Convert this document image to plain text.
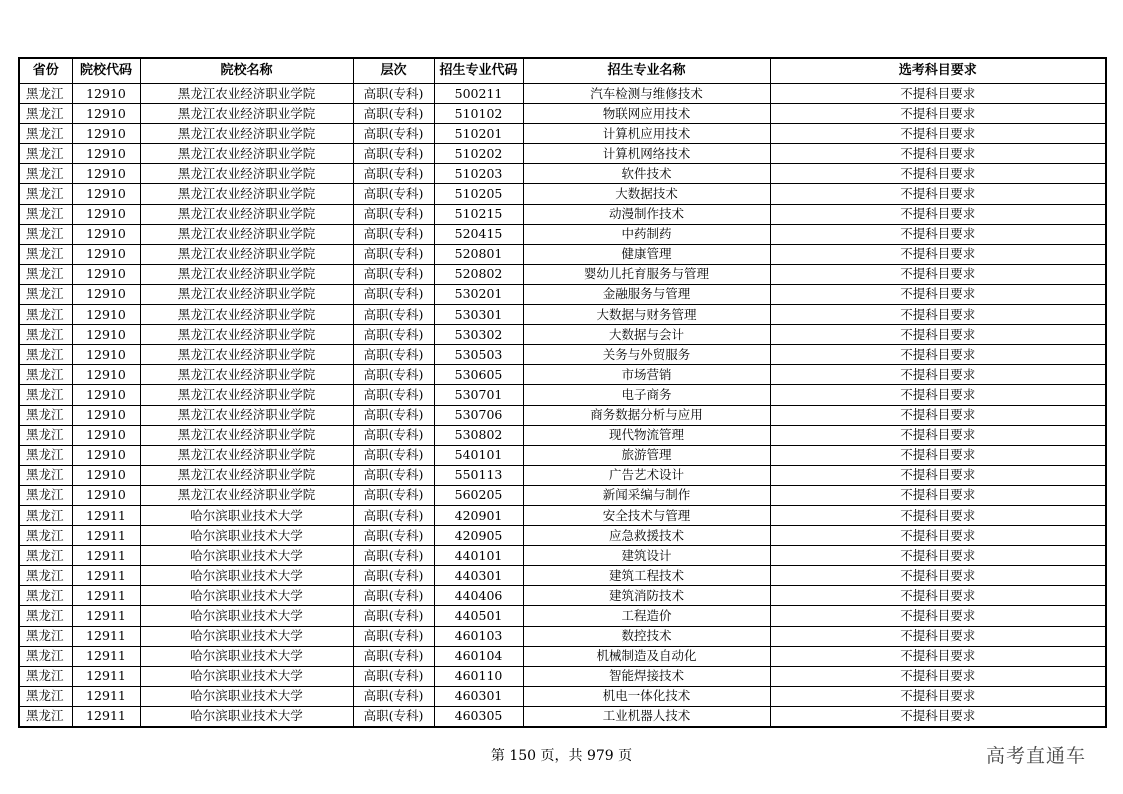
省份	院校代码	院校名称	层次	招生专业代码	招生专业名称	选考科目要求
黑龙江	12910	黑龙江农业经济职业学院	高职(专科)	500211	汽车检测与维修技术	不提科目要求
黑龙江	12910	黑龙江农业经济职业学院	高职(专科)	510102	物联网应用技术	不提科目要求
黑龙江	12910	黑龙江农业经济职业学院	高职(专科)	510201	计算机应用技术	不提科目要求
黑龙江	12910	黑龙江农业经济职业学院	高职(专科)	510202	计算机网络技术	不提科目要求
黑龙江	12910	黑龙江农业经济职业学院	高职(专科)	510203	软件技术	不提科目要求
黑龙江	12910	黑龙江农业经济职业学院	高职(专科)	510205	大数据技术	不提科目要求
黑龙江	12910	黑龙江农业经济职业学院	高职(专科)	510215	动漫制作技术	不提科目要求
黑龙江	12910	黑龙江农业经济职业学院	高职(专科)	520415	中药制药	不提科目要求
黑龙江	12910	黑龙江农业经济职业学院	高职(专科)	520801	健康管理	不提科目要求
黑龙江	12910	黑龙江农业经济职业学院	高职(专科)	520802	婴幼儿托育服务与管理	不提科目要求
黑龙江	12910	黑龙江农业经济职业学院	高职(专科)	530201	金融服务与管理	不提科目要求
黑龙江	12910	黑龙江农业经济职业学院	高职(专科)	530301	大数据与财务管理	不提科目要求
黑龙江	12910	黑龙江农业经济职业学院	高职(专科)	530302	大数据与会计	不提科目要求
黑龙江	12910	黑龙江农业经济职业学院	高职(专科)	530503	关务与外贸服务	不提科目要求
黑龙江	12910	黑龙江农业经济职业学院	高职(专科)	530605	市场营销	不提科目要求
黑龙江	12910	黑龙江农业经济职业学院	高职(专科)	530701	电子商务	不提科目要求
黑龙江	12910	黑龙江农业经济职业学院	高职(专科)	530706	商务数据分析与应用	不提科目要求
黑龙江	12910	黑龙江农业经济职业学院	高职(专科)	530802	现代物流管理	不提科目要求
黑龙江	12910	黑龙江农业经济职业学院	高职(专科)	540101	旅游管理	不提科目要求
黑龙江	12910	黑龙江农业经济职业学院	高职(专科)	550113	广告艺术设计	不提科目要求
黑龙江	12910	黑龙江农业经济职业学院	高职(专科)	560205	新闻采编与制作	不提科目要求
黑龙江	12911	哈尔滨职业技术大学	高职(专科)	420901	安全技术与管理	不提科目要求
黑龙江	12911	哈尔滨职业技术大学	高职(专科)	420905	应急救援技术	不提科目要求
黑龙江	12911	哈尔滨职业技术大学	高职(专科)	440101	建筑设计	不提科目要求
黑龙江	12911	哈尔滨职业技术大学	高职(专科)	440301	建筑工程技术	不提科目要求
黑龙江	12911	哈尔滨职业技术大学	高职(专科)	440406	建筑消防技术	不提科目要求
黑龙江	12911	哈尔滨职业技术大学	高职(专科)	440501	工程造价	不提科目要求
黑龙江	12911	哈尔滨职业技术大学	高职(专科)	460103	数控技术	不提科目要求
黑龙江	12911	哈尔滨职业技术大学	高职(专科)	460104	机械制造及自动化	不提科目要求
黑龙江	12911	哈尔滨职业技术大学	高职(专科)	460110	智能焊接技术	不提科目要求
黑龙江	12911	哈尔滨职业技术大学	高职(专科)	460301	机电一体化技术	不提科目要求
黑龙江	12911	哈尔滨职业技术大学	高职(专科)	460305	工业机器人技术	不提科目要求
第 150 页，共 979 页	高考直通车
